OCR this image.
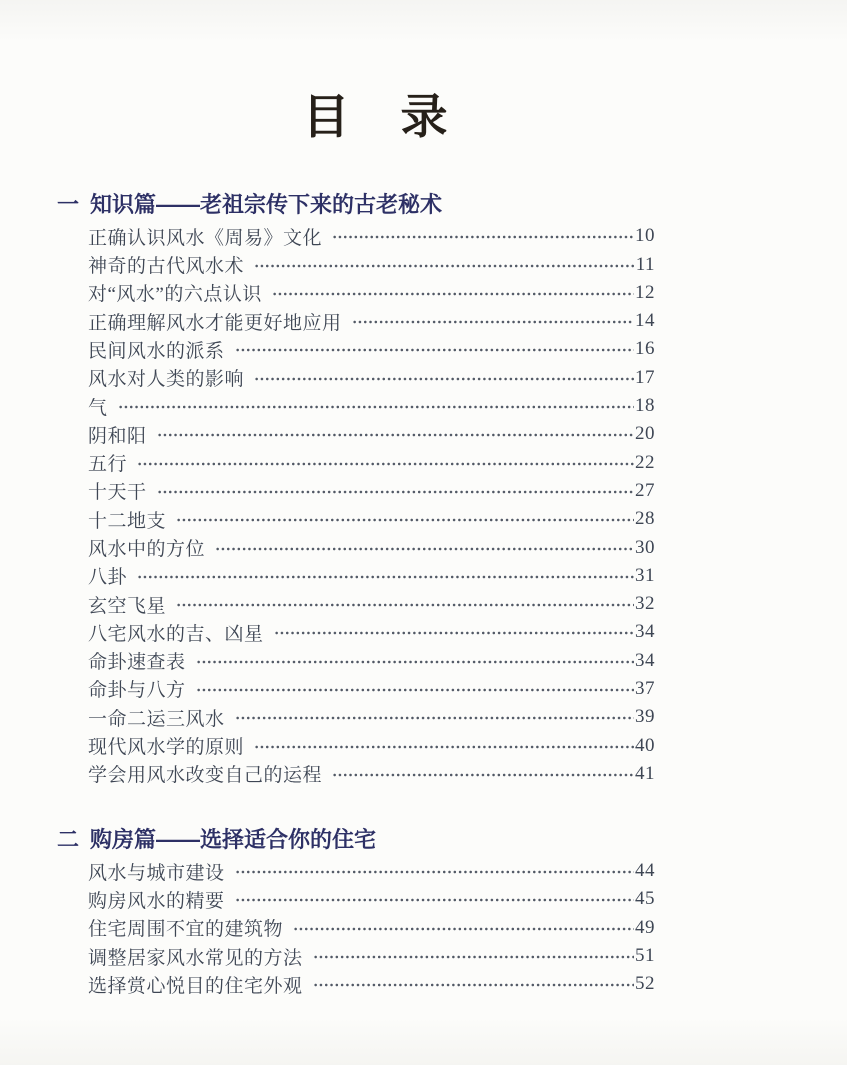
目　录
一 知识篇——老祖宗传下来的古老秘术
正确认识风水《周易》文化	10
神奇的古代风水术	11
对“风水”的六点认识	12
正确理解风水才能更好地应用	14
民间风水的派系	16
风水对人类的影响	17
气	18
阴和阳	20
五行	22
十天干	27
十二地支	28
风水中的方位	30
八卦	31
玄空飞星	32
八宅风水的吉、凶星	34
命卦速查表	34
命卦与八方	37
一命二运三风水	39
现代风水学的原则	40
学会用风水改变自己的运程	41
二 购房篇——选择适合你的住宅
风水与城市建设	44
购房风水的精要	45
住宅周围不宜的建筑物	49
调整居家风水常见的方法	51
选择赏心悦目的住宅外观	52
